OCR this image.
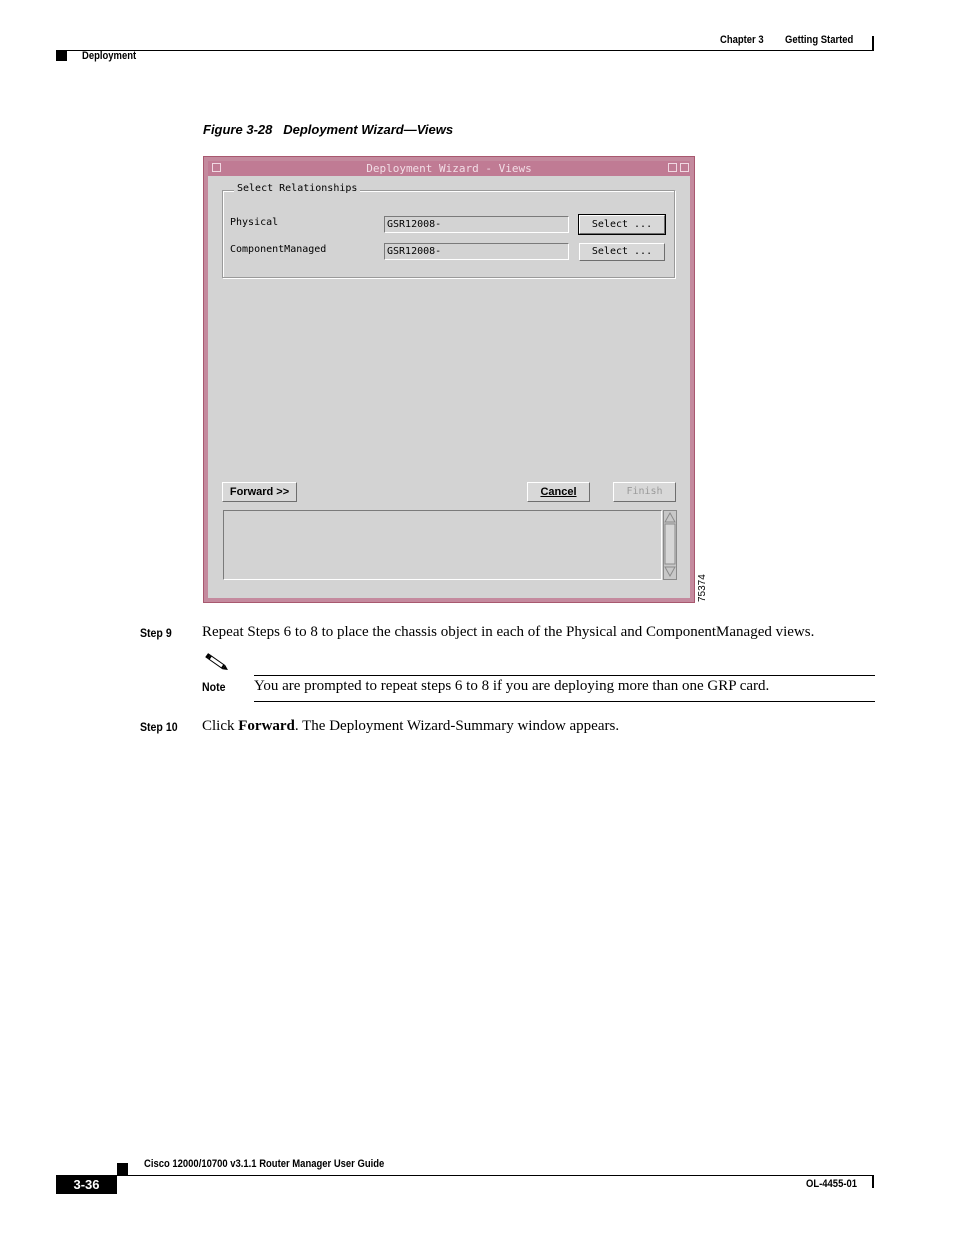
Chapter 3 Getting Started
Deployment
Figure 3-28 Deployment Wizard—Views
Deployment Wizard - Views
Select Relationships
Physical	GSR12008-	Select ...
ComponentManaged	GSR12008-	Select ...
Forward >>	Cancel	Finish
75374
Step 9 Repeat Steps 6 to 8 to place the chassis object in each of the Physical and ComponentManaged views.
Note You are prompted to repeat steps 6 to 8 if you are deploying more than one GRP card.
Step 10 Click Forward. The Deployment Wizard-Summary window appears.
Cisco 12000/10700 v3.1.1 Router Manager User Guide
3-36	OL-4455-01
